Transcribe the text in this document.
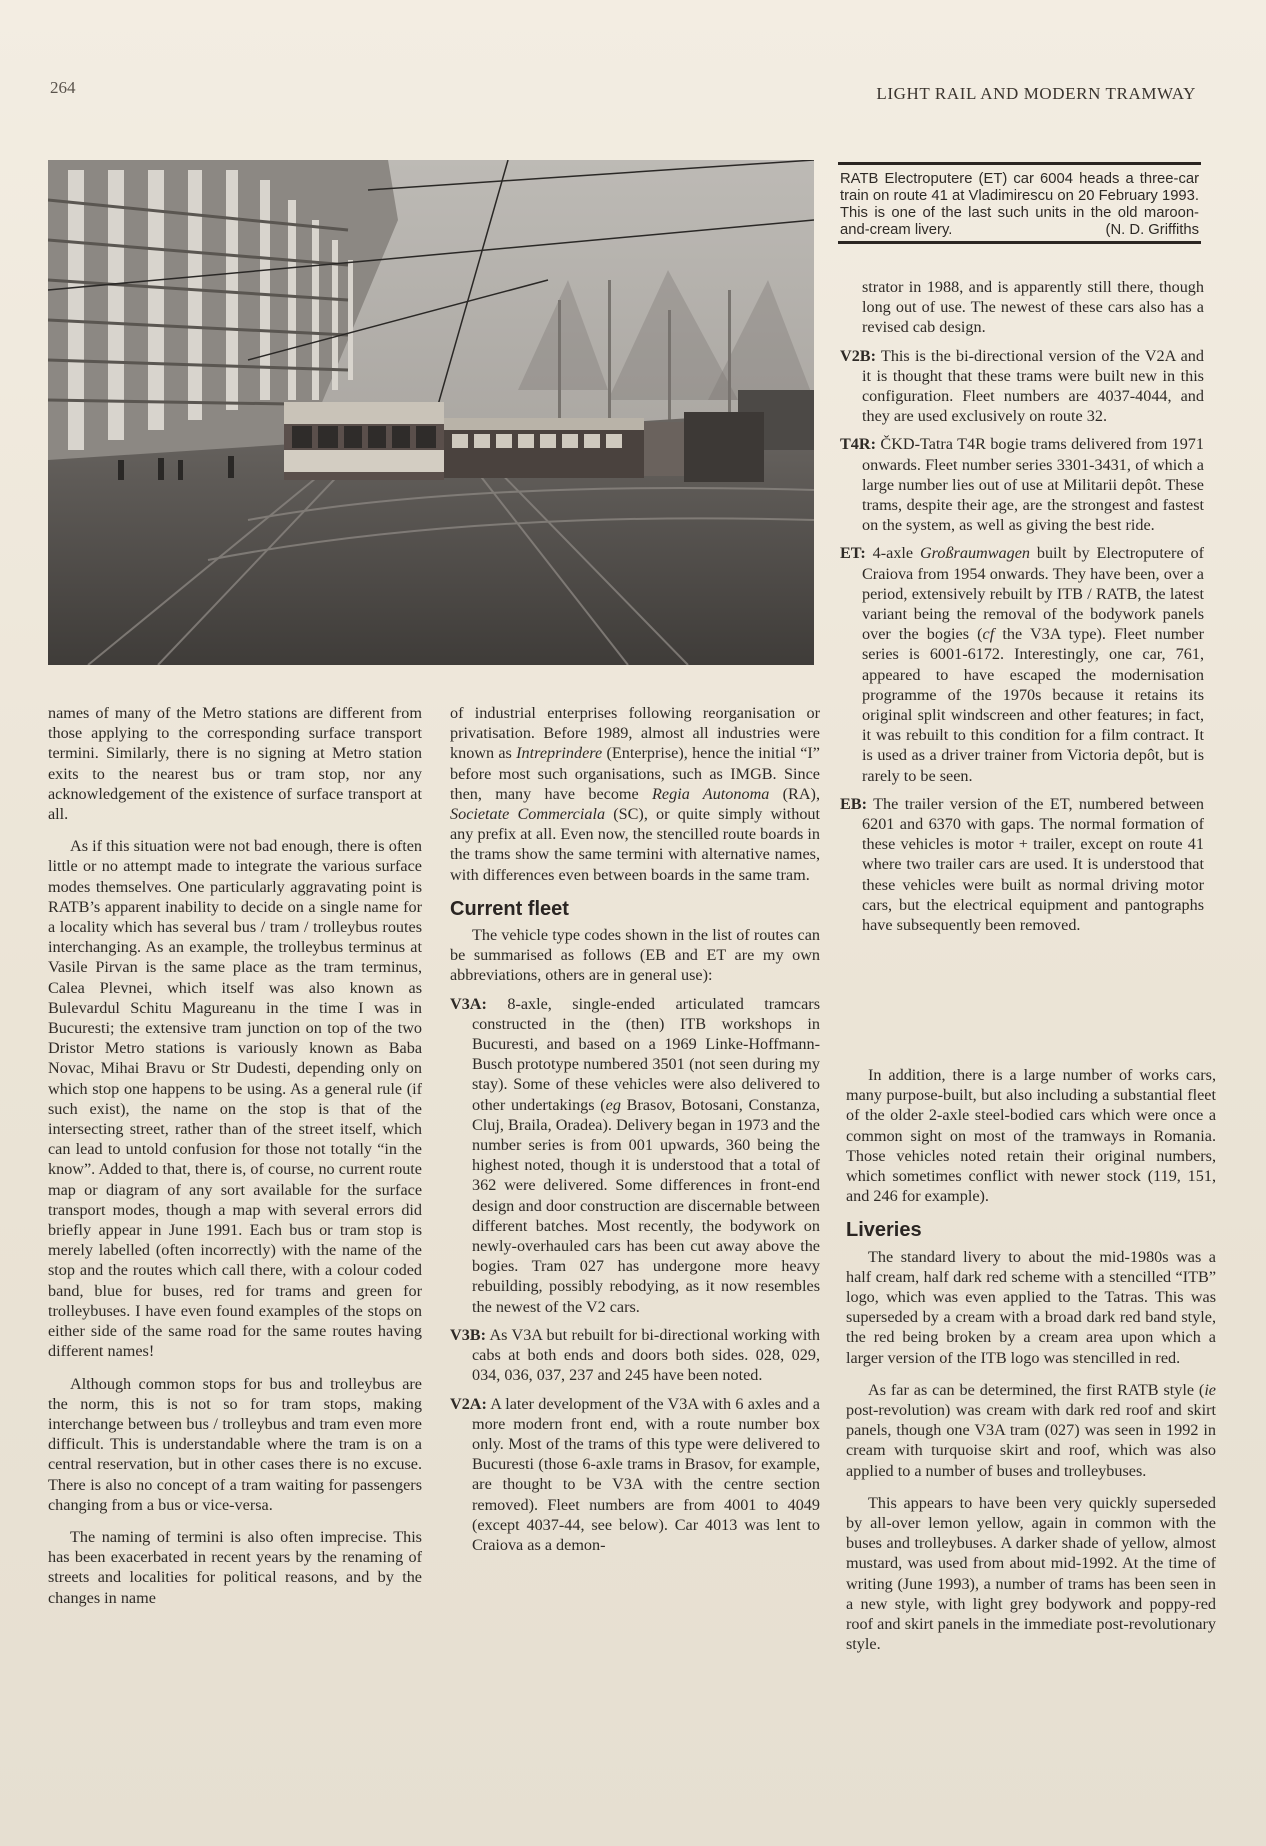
264	LIGHT RAIL AND MODERN TRAMWAY
RATB Electroputere (ET) car 6004 heads a three-car train on route 41 at Vladimirescu on 20 February 1993. This is one of the last such units in the old maroon-and-cream livery.	(N. D. Griffiths

strator in 1988, and is apparently still there, though long out of use. The newest of these cars also has a revised cab design.

V2B: This is the bi-directional version of the V2A and it is thought that these trams were built new in this configuration. Fleet numbers are 4037-4044, and they are used exclusively on route 32.

T4R: ČKD-Tatra T4R bogie trams delivered from 1971 onwards. Fleet number series 3301-3431, of which a large number lies out of use at Militarii depôt. These trams, despite their age, are the strongest and fastest on the system, as well as giving the best ride.

ET: 4-axle Großraumwagen built by Electroputere of Craiova from 1954 onwards. They have been, over a period, extensively rebuilt by ITB / RATB, the latest variant being the removal of the bodywork panels over the bogies (cf the V3A type). Fleet number series is 6001-6172. Interestingly, one car, 761, appeared to have escaped the modernisation programme of the 1970s because it retains its original split windscreen and other features; in fact, it was rebuilt to this condition for a film contract. It is used as a driver trainer from Victoria depôt, but is rarely to be seen.

EB: The trailer version of the ET, numbered between 6201 and 6370 with gaps. The normal formation of these vehicles is motor + trailer, except on route 41 where two trailer cars are used. It is understood that these vehicles were built as normal driving motor cars, but the electrical equipment and pantographs have subsequently been removed.

names of many of the Metro stations are different from those applying to the corresponding surface transport termini. Similarly, there is no signing at Metro station exits to the nearest bus or tram stop, nor any acknowledgement of the existence of surface transport at all.

As if this situation were not bad enough, there is often little or no attempt made to integrate the various surface modes themselves. One particularly aggravating point is RATB’s apparent inability to decide on a single name for a locality which has several bus / tram / trolleybus routes interchanging. As an example, the trolleybus terminus at Vasile Pirvan is the same place as the tram terminus, Calea Plevnei, which itself was also known as Bulevardul Schitu Magureanu in the time I was in Bucuresti; the extensive tram junction on top of the two Dristor Metro stations is variously known as Baba Novac, Mihai Bravu or Str Dudesti, depending only on which stop one happens to be using. As a general rule (if such exist), the name on the stop is that of the intersecting street, rather than of the street itself, which can lead to untold confusion for those not totally “in the know”. Added to that, there is, of course, no current route map or diagram of any sort available for the surface transport modes, though a map with several errors did briefly appear in June 1991. Each bus or tram stop is merely labelled (often incorrectly) with the name of the stop and the routes which call there, with a colour coded band, blue for buses, red for trams and green for trolleybuses. I have even found examples of the stops on either side of the same road for the same routes having different names!

Although common stops for bus and trolleybus are the norm, this is not so for tram stops, making interchange between bus / trolleybus and tram even more difficult. This is understandable where the tram is on a central reservation, but in other cases there is no excuse. There is also no concept of a tram waiting for passengers changing from a bus or vice-versa.

The naming of termini is also often imprecise. This has been exacerbated in recent years by the renaming of streets and localities for political reasons, and by the changes in name

of industrial enterprises following reorganisation or privatisation. Before 1989, almost all industries were known as Intreprindere (Enterprise), hence the initial “I” before most such organisations, such as IMGB. Since then, many have become Regia Autonoma (RA), Societate Commerciala (SC), or quite simply without any prefix at all. Even now, the stencilled route boards in the trams show the same termini with alternative names, with differences even between boards in the same tram.

Current fleet

The vehicle type codes shown in the list of routes can be summarised as follows (EB and ET are my own abbreviations, others are in general use):

V3A: 8-axle, single-ended articulated tramcars constructed in the (then) ITB workshops in Bucuresti, and based on a 1969 Linke-Hoffmann-Busch prototype numbered 3501 (not seen during my stay). Some of these vehicles were also delivered to other undertakings (eg Brasov, Botosani, Constanza, Cluj, Braila, Oradea). Delivery began in 1973 and the number series is from 001 upwards, 360 being the highest noted, though it is understood that a total of 362 were delivered. Some differences in front-end design and door construction are discernable between different batches. Most recently, the bodywork on newly-overhauled cars has been cut away above the bogies. Tram 027 has undergone more heavy rebuilding, possibly rebodying, as it now resembles the newest of the V2 cars.

V3B: As V3A but rebuilt for bi-directional working with cabs at both ends and doors both sides. 028, 029, 034, 036, 037, 237 and 245 have been noted.

V2A: A later development of the V3A with 6 axles and a more modern front end, with a route number box only. Most of the trams of this type were delivered to Bucuresti (those 6-axle trams in Brasov, for example, are thought to be V3A with the centre section removed). Fleet numbers are from 4001 to 4049 (except 4037-44, see below). Car 4013 was lent to Craiova as a demon-

In addition, there is a large number of works cars, many purpose-built, but also including a substantial fleet of the older 2-axle steel-bodied cars which were once a common sight on most of the tramways in Romania. Those vehicles noted retain their original numbers, which sometimes conflict with newer stock (119, 151, and 246 for example).

Liveries

The standard livery to about the mid-1980s was a half cream, half dark red scheme with a stencilled “ITB” logo, which was even applied to the Tatras. This was superseded by a cream with a broad dark red band style, the red being broken by a cream area upon which a larger version of the ITB logo was stencilled in red.

As far as can be determined, the first RATB style (ie post-revolution) was cream with dark red roof and skirt panels, though one V3A tram (027) was seen in 1992 in cream with turquoise skirt and roof, which was also applied to a number of buses and trolleybuses.

This appears to have been very quickly superseded by all-over lemon yellow, again in common with the buses and trolleybuses. A darker shade of yellow, almost mustard, was used from about mid-1992. At the time of writing (June 1993), a number of trams has been seen in a new style, with light grey bodywork and poppy-red roof and skirt panels in the immediate post-revolutionary style.
